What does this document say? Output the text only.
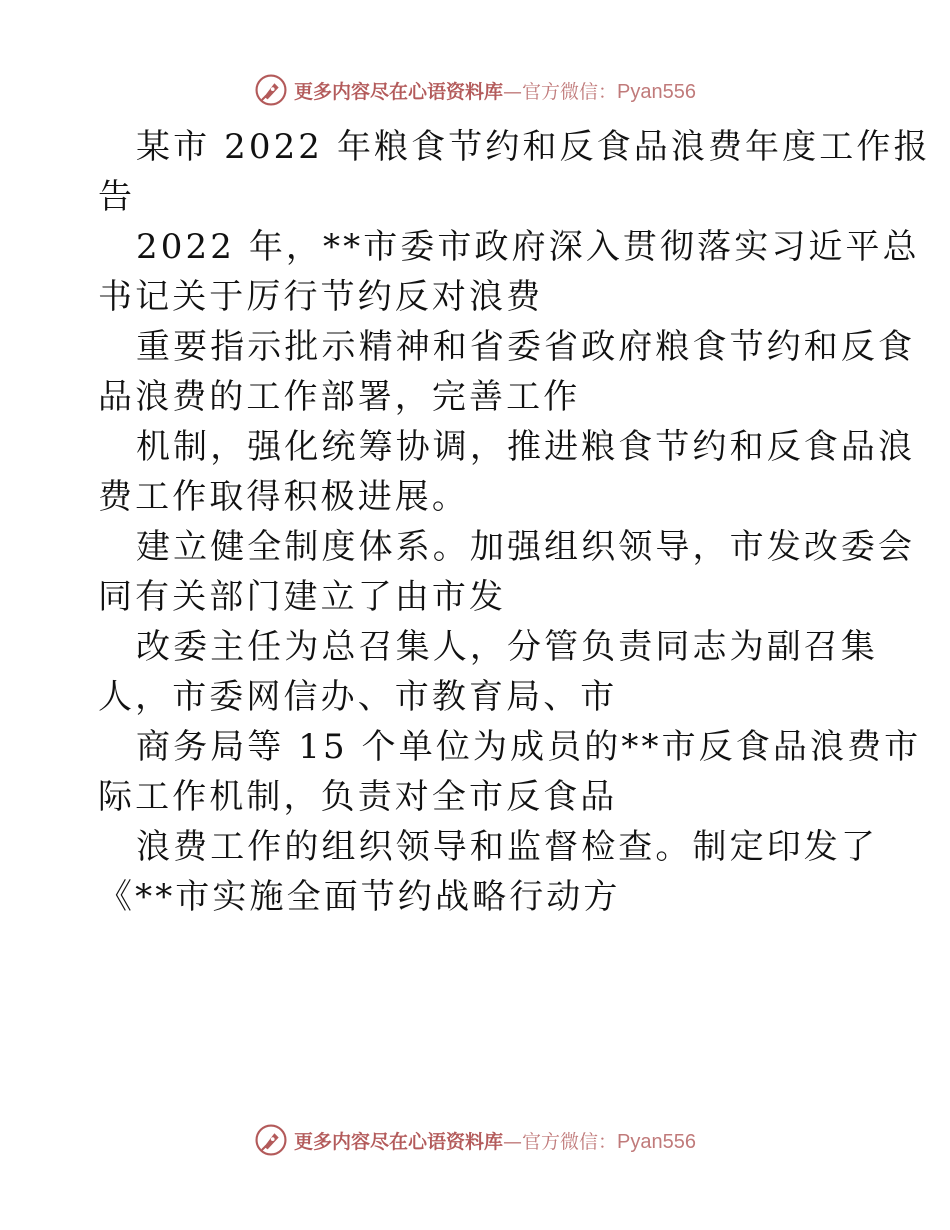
更多内容尽在心语资料库—官方微信：Pyan556

某市 2022 年粮食节约和反食品浪费年度工作报
告
2022 年，**市委市政府深入贯彻落实习近平总
书记关于厉行节约反对浪费
重要指示批示精神和省委省政府粮食节约和反食
品浪费的工作部署，完善工作
机制，强化统筹协调，推进粮食节约和反食品浪
费工作取得积极进展。
建立健全制度体系。加强组织领导，市发改委会
同有关部门建立了由市发
改委主任为总召集人，分管负责同志为副召集
人，市委网信办、市教育局、市
商务局等 15 个单位为成员的**市反食品浪费市
际工作机制，负责对全市反食品
浪费工作的组织领导和监督检查。制定印发了
《**市实施全面节约战略行动方

更多内容尽在心语资料库—官方微信：Pyan556
